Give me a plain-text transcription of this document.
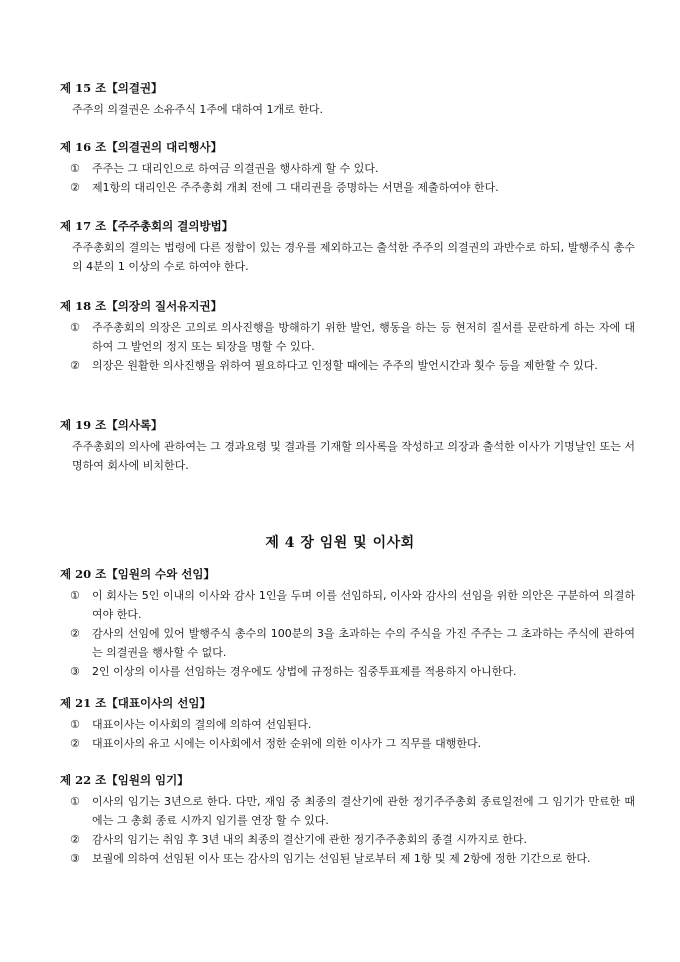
제 15 조【의결권】

주주의 의결권은 소유주식 1주에 대하여 1개로 한다.

제 16 조【의결권의 대리행사】
①	주주는 그 대리인으로 하여금 의결권을 행사하게 할 수 있다.
②	제1항의 대리인은 주주총회 개최 전에 그 대리권을 증명하는 서면을 제출하여야 한다.
제 17 조【주주총회의 결의방법】

주주총회의 결의는 법령에 다른 정함이 있는 경우를 제외하고는 출석한 주주의 의결권의 과반수로 하되, 발행주식 총수의 4분의 1 이상의 수로 하여야 한다.

제 18 조【의장의 질서유지권】
①	주주총회의 의장은 고의로 의사진행을 방해하기 위한 발언, 행동을 하는 등 현저히 질서를 문란하게 하는 자에 대하여 그 발언의 정지 또는 퇴장을 명할 수 있다.
②	의장은 원활한 의사진행을 위하여 필요하다고 인정할 때에는 주주의 발언시간과 횟수 등을 제한할 수 있다.
제 19 조【의사록】

주주총회의 의사에 관하여는 그 경과요령 및 결과를 기재할 의사록을 작성하고 의장과 출석한 이사가 기명날인 또는 서명하여 회사에 비치한다.

제 4 장 임원 및 이사회
제 20 조【임원의 수와 선임】
①	이 회사는 5인 이내의 이사와 감사 1인을 두며 이를 선임하되, 이사와 감사의 선임을 위한 의안은 구분하여 의결하여야 한다.
②	감사의 선임에 있어 발행주식 총수의 100분의 3을 초과하는 수의 주식을 가진 주주는 그 초과하는 주식에 관하여는 의결권을 행사할 수 없다.
③	2인 이상의 이사를 선임하는 경우에도 상법에 규정하는 집중투표제를 적용하지 아니한다.
제 21 조【대표이사의 선임】
①	대표이사는 이사회의 결의에 의하여 선임된다.
②	대표이사의 유고 시에는 이사회에서 정한 순위에 의한 이사가 그 직무를 대행한다.
제 22 조【임원의 임기】
①	이사의 임기는 3년으로 한다. 다만, 재임 중 최종의 결산기에 관한 정기주주총회 종료일전에 그 임기가 만료한 때에는 그 총회 종료 시까지 임기를 연장 할 수 있다.
②	감사의 임기는 취임 후 3년 내의 최종의 결산기에 관한 정기주주총회의 종결 시까지로 한다.
③	보궐에 의하여 선임된 이사 또는 감사의 임기는 선임된 날로부터 제 1항 및 제 2항에 정한 기간으로 한다.
